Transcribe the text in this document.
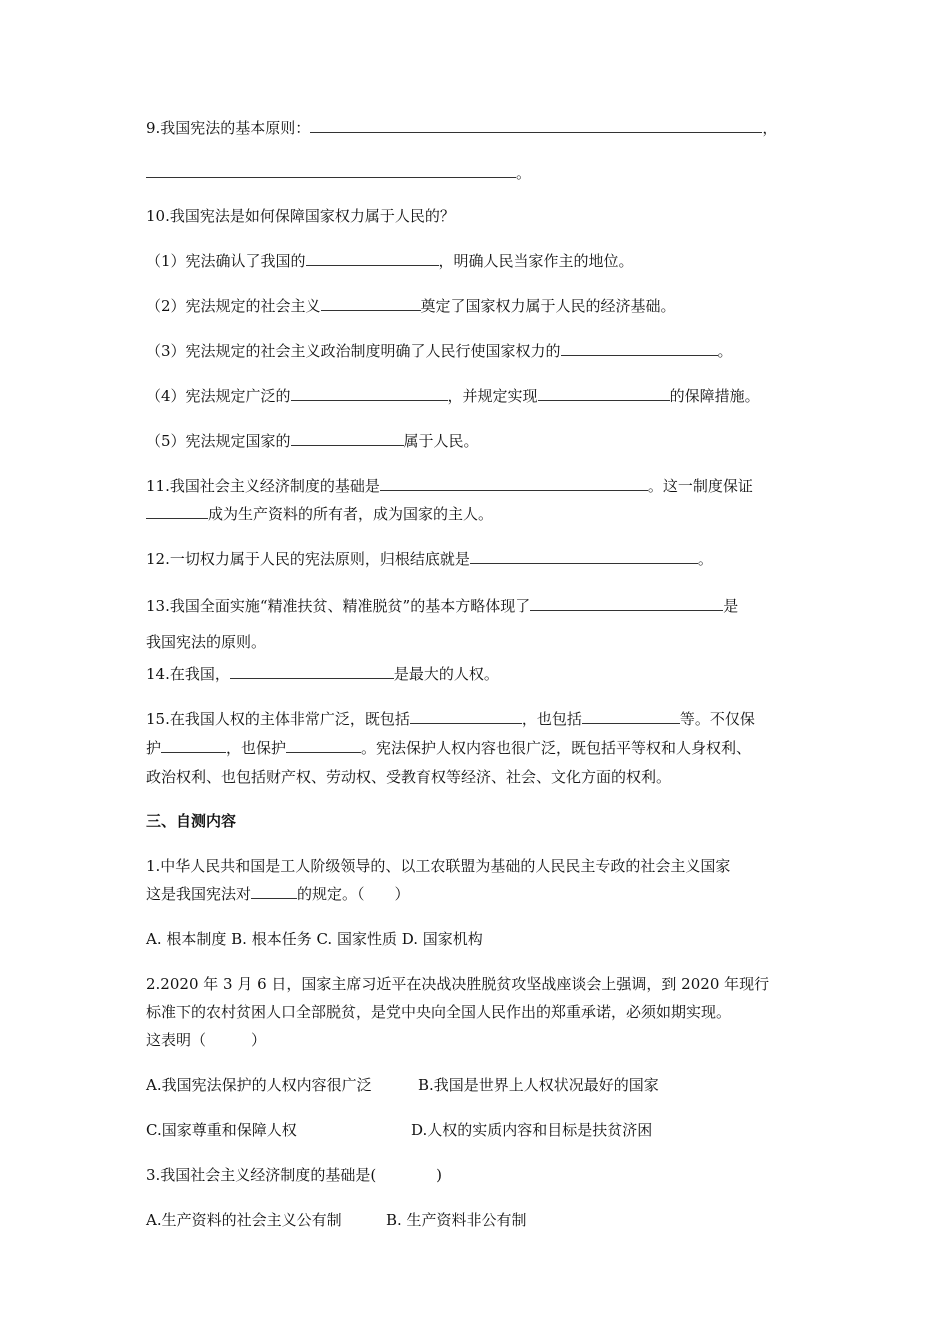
9.我国宪法的基本原则：	，
。
10.我国宪法是如何保障国家权力属于人民的？
（1）宪法确认了我国的	，明确人民当家作主的地位。
（2）宪法规定的社会主义	奠定了国家权力属于人民的经济基础。
（3）宪法规定的社会主义政治制度明确了人民行使国家权力的	。
（4）宪法规定广泛的	，并规定实现	的保障措施。
（5）宪法规定国家的	属于人民。
11.我国社会主义经济制度的基础是	。这一制度保证
成为生产资料的所有者，成为国家的主人。
12.一切权力属于人民的宪法原则，归根结底就是	。
13.我国全面实施“精准扶贫、精准脱贫”的基本方略体现了	是
我国宪法的原则。
14.在我国，	是最大的人权。
15.在我国人权的主体非常广泛，既包括	，也包括	等。不仅保
护	，也保护	。宪法保护人权内容也很广泛，既包括平等权和人身权利、
政治权利、也包括财产权、劳动权、受教育权等经济、社会、文化方面的权利。
三、自测内容
1.中华人民共和国是工人阶级领导的、以工农联盟为基础的人民民主专政的社会主义国家
这是我国宪法对	的规定。（　　）
A. 根本制度 B. 根本任务 C. 国家性质 D. 国家机构
2.2020 年 3 月 6 日，国家主席习近平在决战决胜脱贫攻坚战座谈会上强调，到 2020 年现行
标准下的农村贫困人口全部脱贫，是党中央向全国人民作出的郑重承诺，必须如期实现。
这表明（　　　）
A.我国宪法保护的人权内容很广泛	B.我国是世界上人权状况最好的国家
C.国家尊重和保障人权	D.人权的实质内容和目标是扶贫济困
3.我国社会主义经济制度的基础是(　　　　)
A.生产资料的社会主义公有制	B. 生产资料非公有制
